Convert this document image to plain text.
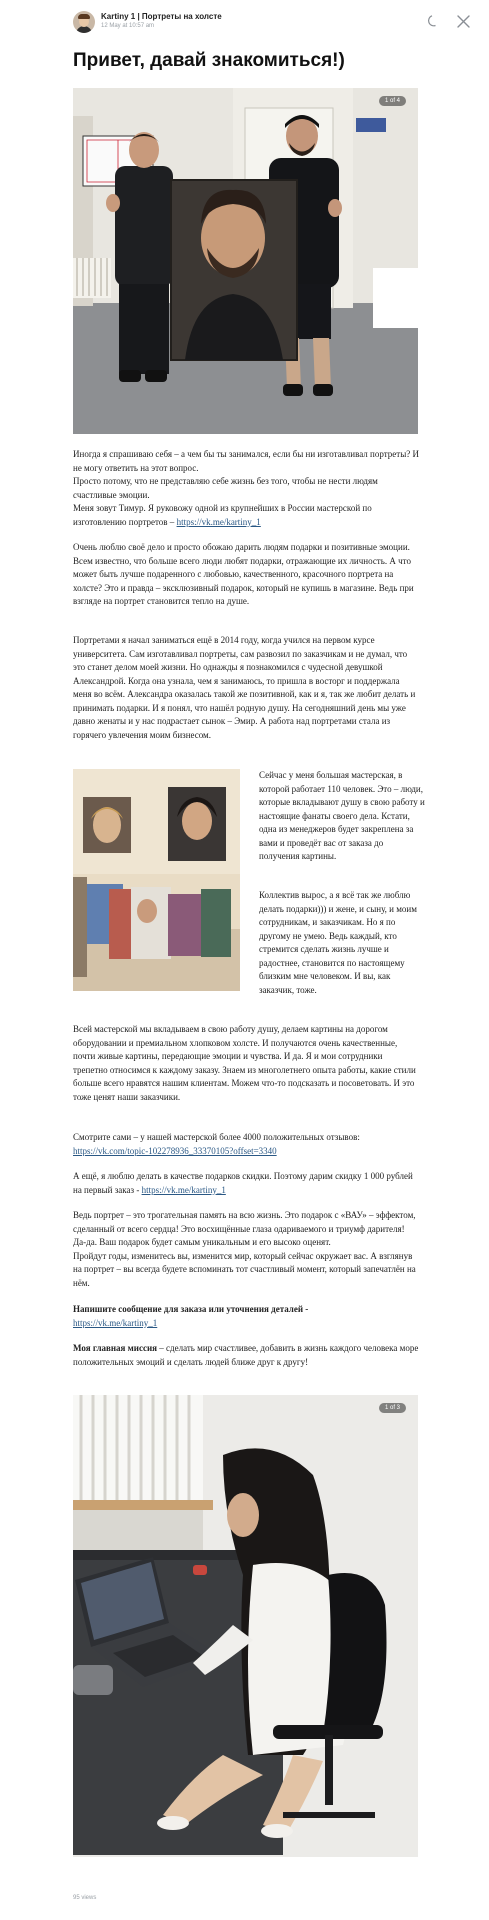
Kartiny 1 | Портреты на холсте
12 May at 10:57 am
Привет, давай знакомиться!)
1 of 4

Иногда я спрашиваю себя – а чем бы ты занимался, если бы ни изготавливал портреты? И не могу ответить на этот вопрос.
Просто потому, что не представляю себе жизнь без того, чтобы не нести людям счастливые эмоции.
Меня зовут Тимур. Я руковожу одной из крупнейших в России мастерской по изготовлению портретов – https://vk.me/kartiny_1

Очень люблю своё дело и просто обожаю дарить людям подарки и позитивные эмоции. Всем известно, что больше всего люди любят подарки, отражающие их личность. А что может быть лучше подаренного с любовью, качественного, красочного портрета на холсте? Это и правда – эксклюзивный подарок, который не купишь в магазине. Ведь при взгляде на портрет становится тепло на душе.

Портретами я начал заниматься ещё в 2014 году, когда учился на первом курсе университета. Сам изготавливал портреты, сам развозил по заказчикам и не думал, что это станет делом моей жизни. Но однажды я познакомился с чудесной девушкой Александрой. Когда она узнала, чем я занимаюсь, то пришла в восторг и поддержала меня во всём. Александра оказалась такой же позитивной, как и я, так же любит делать и принимать подарки. И я понял, что нашёл родную душу. На сегодняшний день мы уже давно женаты и у нас подрастает сынок – Эмир. А работа над портретами стала из горячего увлечения моим бизнесом.

Сейчас у меня большая мастерская, в которой работает 110 человек. Это – люди, которые вкладывают душу в свою работу и настоящие фанаты своего дела. Кстати, одна из менеджеров будет закреплена за вами и проведёт вас от заказа до получения картины.

Коллектив вырос, а я всё так же люблю делать подарки))) и жене, и сыну, и моим сотрудникам, и заказчикам. Но я по другому не умею. Ведь каждый, кто стремится сделать жизнь лучше и радостнее, становится по настоящему близким мне человеком. И вы, как заказчик, тоже.

Всей мастерской мы вкладываем в свою работу душу, делаем картины на дорогом оборудовании и премиальном хлопковом холсте. И получаются очень качественные, почти живые картины, передающие эмоции и чувства. И да. Я и мои сотрудники трепетно относимся к каждому заказу. Знаем из многолетнего опыта работы, какие стили больше всего нравятся нашим клиентам. Можем что-то подсказать и посоветовать. И это тоже ценят наши заказчики.

Смотрите сами – у нашей мастерской более 4000 положительных отзывов:
https://vk.com/topic-102278936_33370105?offset=3340

А ещё, я люблю делать в качестве подарков скидки. Поэтому дарим скидку 1 000 рублей на первый заказ - https://vk.me/kartiny_1

Ведь портрет – это трогательная память на всю жизнь. Это подарок с «ВАУ» – эффектом, сделанный от всего сердца! Это восхищённые глаза одариваемого и триумф дарителя! Да-да. Ваш подарок будет самым уникальным и его высоко оценят.
Пройдут годы, изменитесь вы, изменится мир, который сейчас окружает вас. А взглянув на портрет – вы всегда будете вспоминать тот счастливый момент, который запечатлён на нём.

Напишите сообщение для заказа или уточнения деталей -
https://vk.me/kartiny_1

Моя главная миссия – сделать мир счастливее, добавить в жизнь каждого человека море положительных эмоций и сделать людей ближе друг к другу!

1 of 3
95 views
